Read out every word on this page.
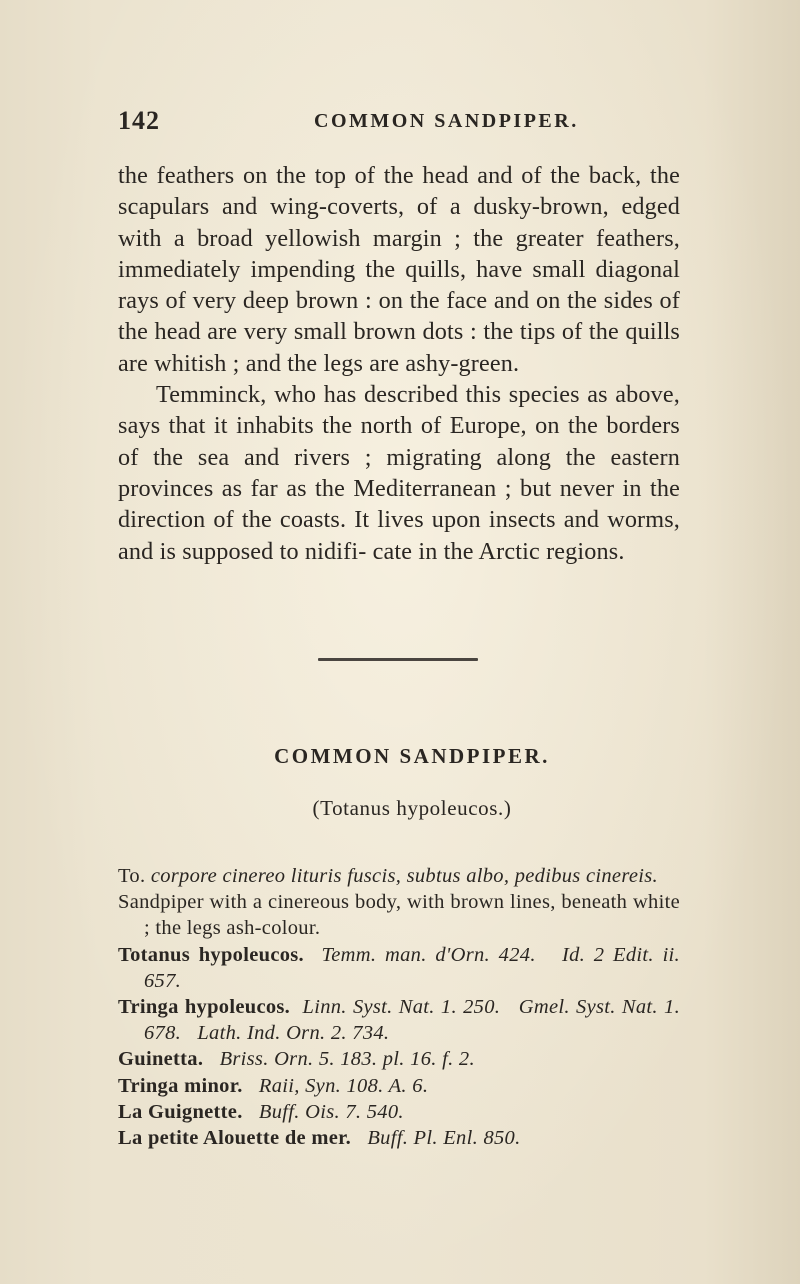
142	COMMON SANDPIPER.

the feathers on the top of the head and of the back, the scapulars and wing-coverts, of a dusky-brown, edged with a broad yellowish margin ; the greater feathers, immediately impending the quills, have small diagonal rays of very deep brown : on the face and on the sides of the head are very small brown dots : the tips of the quills are whitish ; and the legs are ashy-green.

Temminck, who has described this species as above, says that it inhabits the north of Europe, on the borders of the sea and rivers ; migrating along the eastern provinces as far as the Mediterranean ; but never in the direction of the coasts. It lives upon insects and worms, and is supposed to nidifi- cate in the Arctic regions.

COMMON SANDPIPER.
(Totanus hypoleucos.)
To. corpore cinereo lituris fuscis, subtus albo, pedibus cinereis.
Sandpiper with a cinereous body, with brown lines, beneath white ; the legs ash-colour.
Totanus hypoleucos. Temm. man. d'Orn. 424. Id. 2 Edit. ii. 657.
Tringa hypoleucos. Linn. Syst. Nat. 1. 250. Gmel. Syst. Nat. 1. 678. Lath. Ind. Orn. 2. 734.
Guinetta. Briss. Orn. 5. 183. pl. 16. f. 2.
Tringa minor. Raii, Syn. 108. A. 6.
La Guignette. Buff. Ois. 7. 540.
La petite Alouette de mer. Buff. Pl. Enl. 850.
